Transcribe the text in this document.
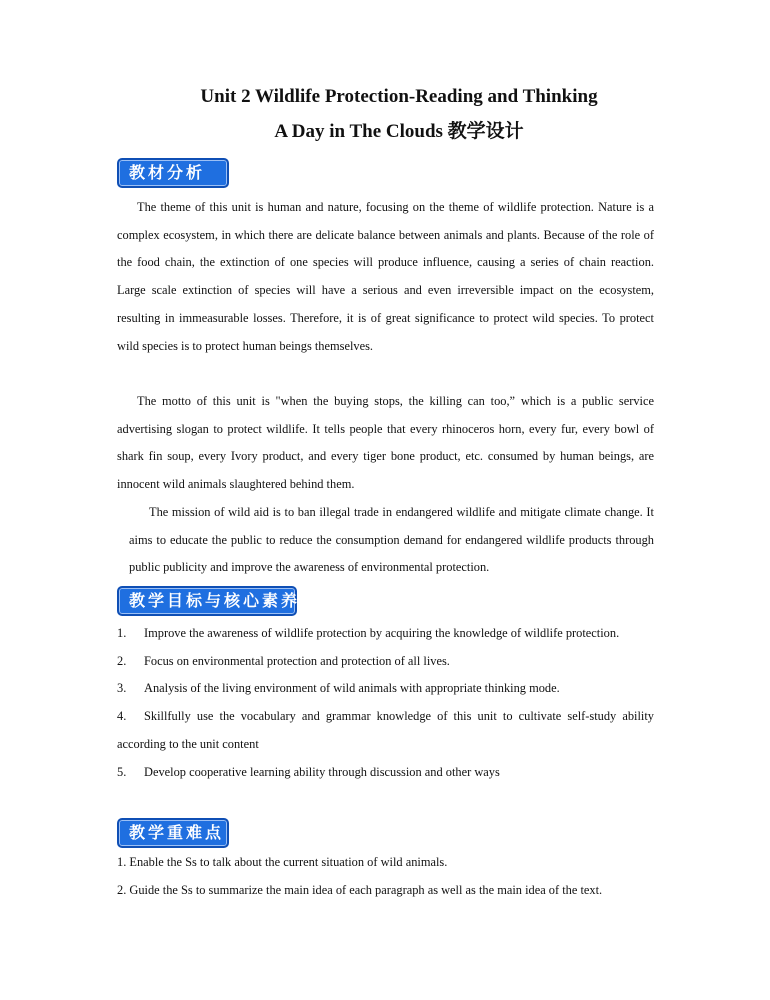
Unit 2 Wildlife Protection-Reading and Thinking
A Day in The Clouds 教学设计
教材分析

The theme of this unit is human and nature, focusing on the theme of wildlife protection. Nature is a complex ecosystem, in which there are delicate balance between animals and plants. Because of the role of the food chain, the extinction of one species will produce influence, causing a series of chain reaction. Large scale extinction of species will have a serious and even irreversible impact on the ecosystem, resulting in immeasurable losses. Therefore, it is of great significance to protect wild species. To protect wild species is to protect human beings themselves.

The motto of this unit is "when the buying stops, the killing can too,” which is a public service advertising slogan to protect wildlife. It tells people that every rhinoceros horn, every fur, every bowl of shark fin soup, every Ivory product, and every tiger bone product, etc. consumed by human beings, are innocent wild animals slaughtered behind them.

The mission of wild aid is to ban illegal trade in endangered wildlife and mitigate climate change. It aims to educate the public to reduce the consumption demand for endangered wildlife products through public publicity and improve the awareness of environmental protection.

教学目标与核心素养
1. Improve the awareness of wildlife protection by acquiring the knowledge of wildlife protection.
2. Focus on environmental protection and protection of all lives.
3. Analysis of the living environment of wild animals with appropriate thinking mode.
4. Skillfully use the vocabulary and grammar knowledge of this unit to cultivate self-study ability according to the unit content
5. Develop cooperative learning ability through discussion and other ways
教学重难点
1. Enable the Ss to talk about the current situation of wild animals.
2. Guide the Ss to summarize the main idea of each paragraph as well as the main idea of the text.
